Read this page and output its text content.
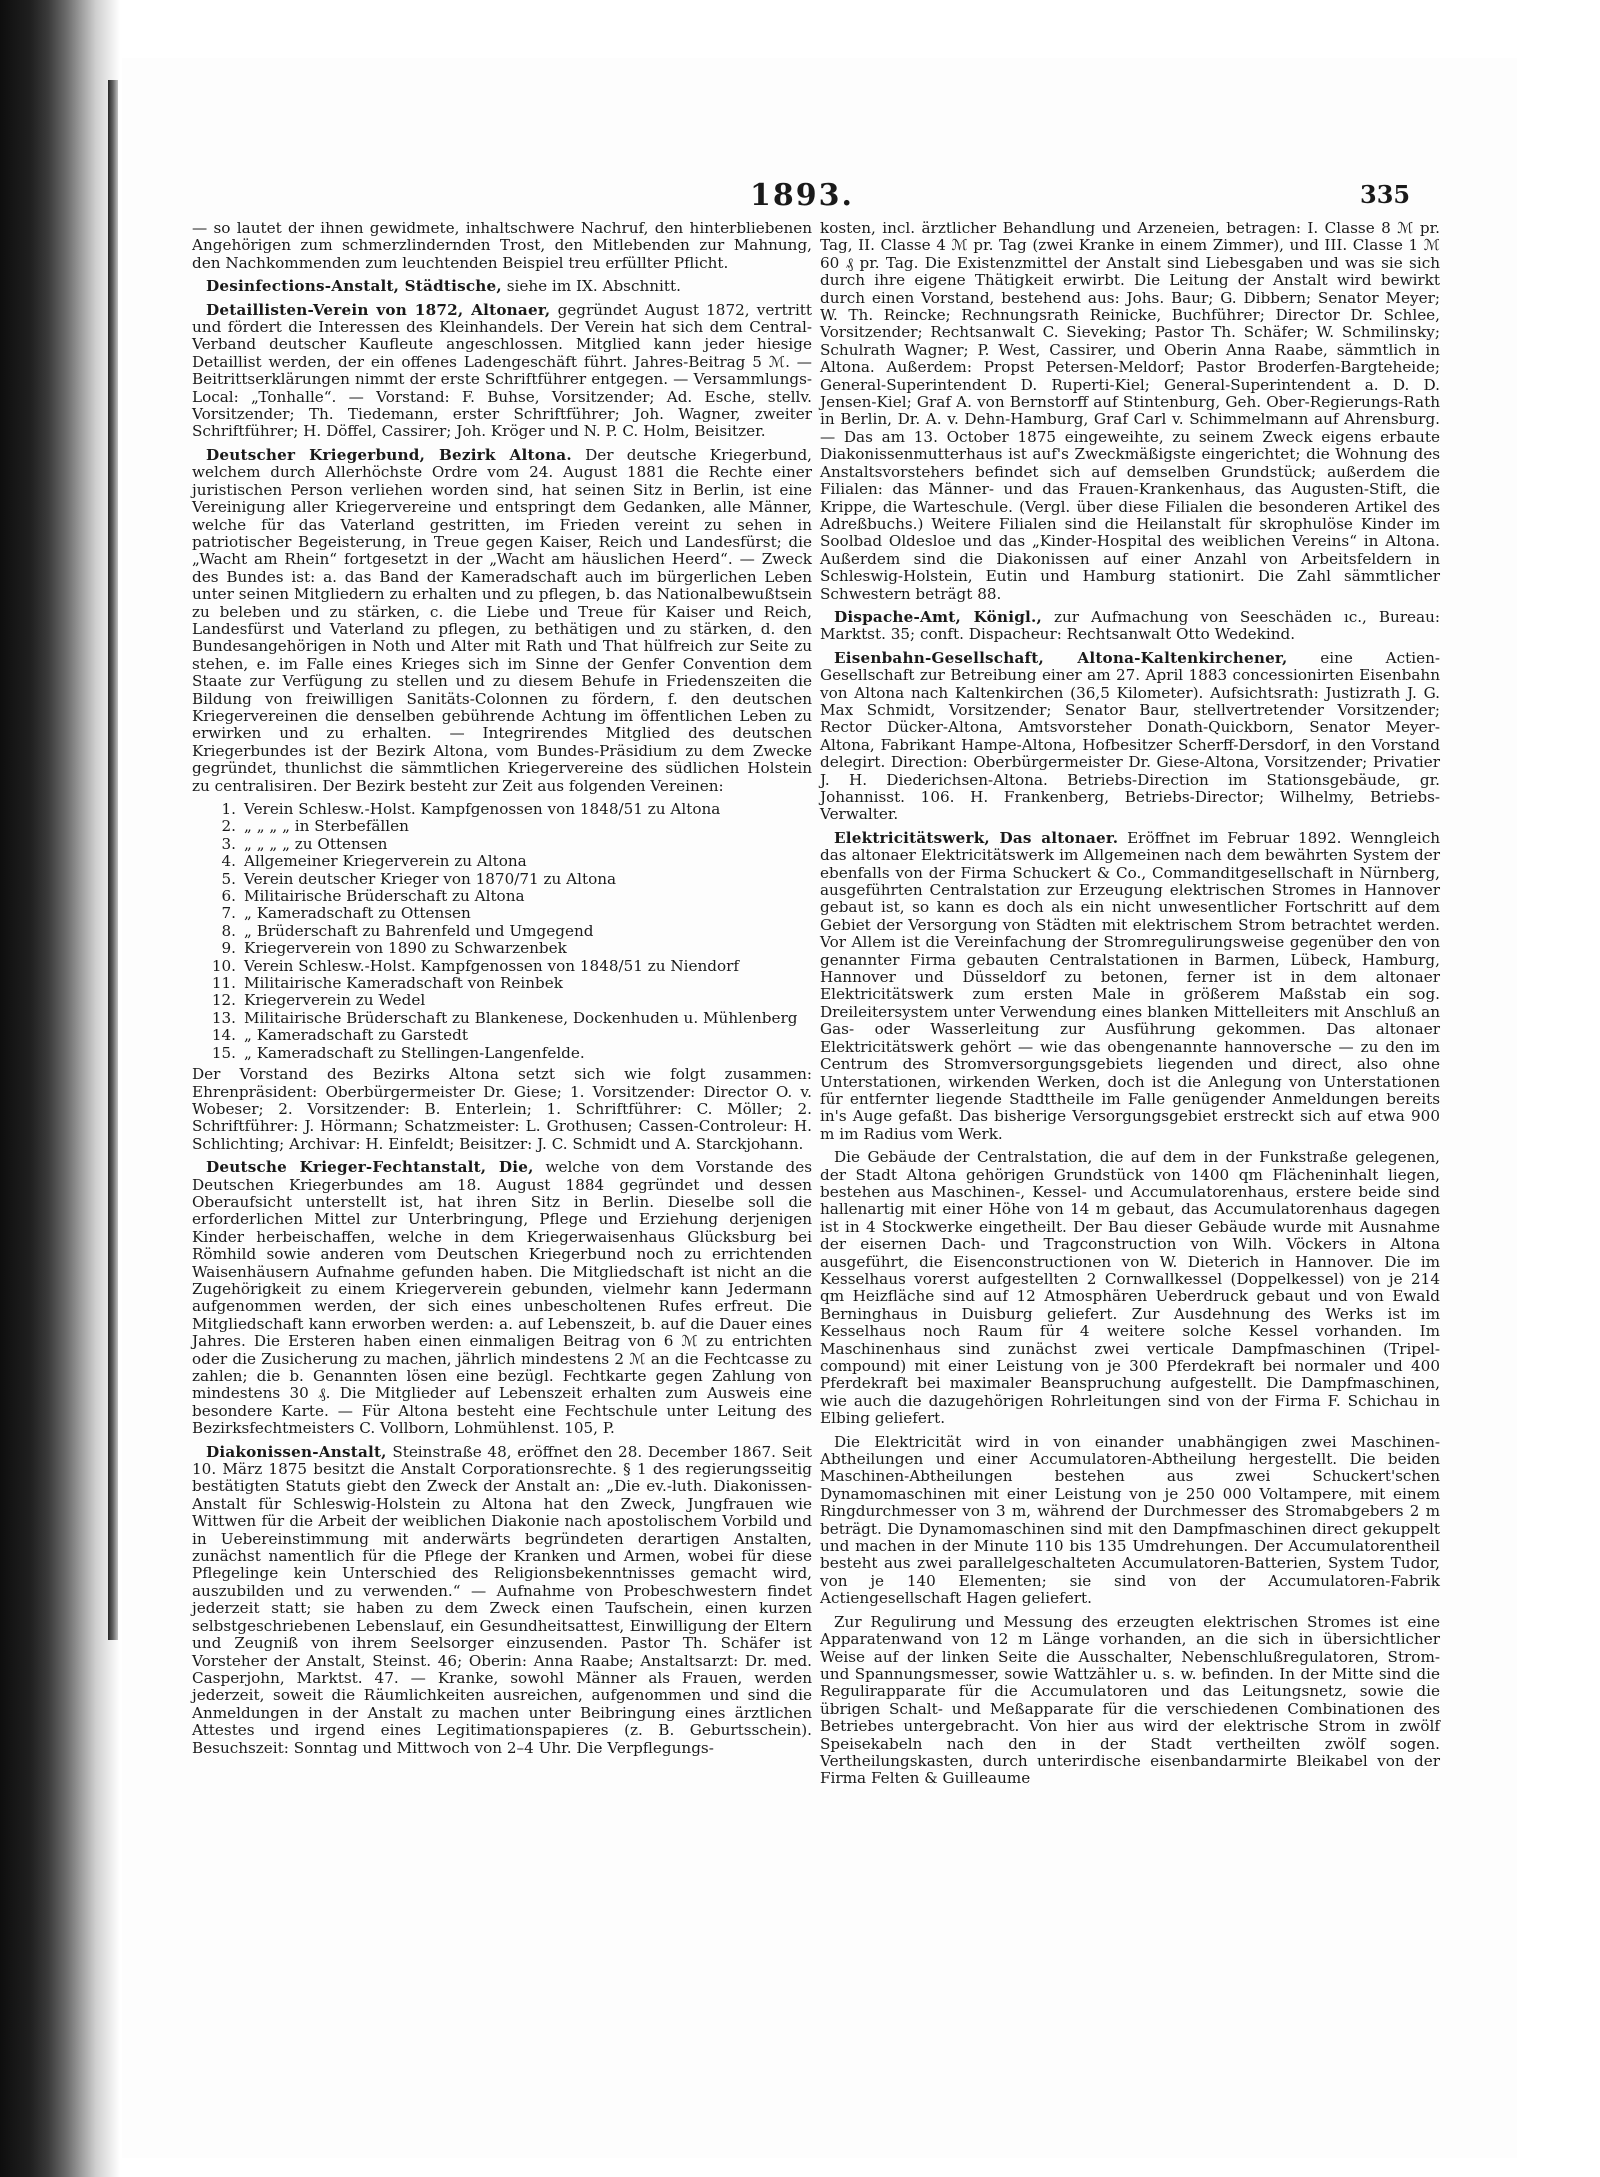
1893.	335

— so lautet der ihnen gewidmete, inhaltschwere Nachruf, den hinterbliebenen Angehörigen zum schmerzlindernden Trost, den Mitlebenden zur Mahnung, den Nachkommenden zum leuchtenden Beispiel treu erfüllter Pflicht.

Desinfections-Anstalt, Städtische, siehe im IX. Abschnitt.

Detaillisten-Verein von 1872, Altonaer, gegründet August 1872, vertritt und fördert die Interessen des Kleinhandels. Der Verein hat sich dem Central-Verband deutscher Kaufleute angeschlossen. Mitglied kann jeder hiesige Detaillist werden, der ein offenes Ladengeschäft führt. Jahres-Beitrag 5 ℳ. — Beitrittserklärungen nimmt der erste Schriftführer entgegen. — Versammlungs-Local: „Tonhalle“. — Vorstand: F. Buhse, Vorsitzender; Ad. Esche, stellv. Vorsitzender; Th. Tiedemann, erster Schriftführer; Joh. Wagner, zweiter Schriftführer; H. Döffel, Cassirer; Joh. Kröger und N. P. C. Holm, Beisitzer.

Deutscher Kriegerbund, Bezirk Altona. Der deutsche Kriegerbund, welchem durch Allerhöchste Ordre vom 24. August 1881 die Rechte einer juristischen Person verliehen worden sind, hat seinen Sitz in Berlin, ist eine Vereinigung aller Kriegervereine und entspringt dem Gedanken, alle Männer, welche für das Vaterland gestritten, im Frieden vereint zu sehen in patriotischer Begeisterung, in Treue gegen Kaiser, Reich und Landesfürst; die „Wacht am Rhein“ fortgesetzt in der „Wacht am häuslichen Heerd“. — Zweck des Bundes ist: a. das Band der Kameradschaft auch im bürgerlichen Leben unter seinen Mitgliedern zu erhalten und zu pflegen, b. das Nationalbewußtsein zu beleben und zu stärken, c. die Liebe und Treue für Kaiser und Reich, Landesfürst und Vaterland zu pflegen, zu bethätigen und zu stärken, d. den Bundesangehörigen in Noth und Alter mit Rath und That hülfreich zur Seite zu stehen, e. im Falle eines Krieges sich im Sinne der Genfer Convention dem Staate zur Verfügung zu stellen und zu diesem Behufe in Friedenszeiten die Bildung von freiwilligen Sanitäts-Colonnen zu fördern, f. den deutschen Kriegervereinen die denselben gebührende Achtung im öffentlichen Leben zu erwirken und zu erhalten. — Integrirendes Mitglied des deutschen Kriegerbundes ist der Bezirk Altona, vom Bundes-Präsidium zu dem Zwecke gegründet, thunlichst die sämmtlichen Kriegervereine des südlichen Holstein zu centralisiren. Der Bezirk besteht zur Zeit aus folgenden Vereinen:

1. Verein Schlesw.-Holst. Kampfgenossen von 1848/51 zu Altona
2. „ „ „ „ in Sterbefällen
3. „ „ „ „ zu Ottensen
4. Allgemeiner Kriegerverein zu Altona
5. Verein deutscher Krieger von 1870/71 zu Altona
6. Militairische Brüderschaft zu Altona
7. „ Kameradschaft zu Ottensen
8. „ Brüderschaft zu Bahrenfeld und Umgegend
9. Kriegerverein von 1890 zu Schwarzenbek
10. Verein Schlesw.-Holst. Kampfgenossen von 1848/51 zu Niendorf
11. Militairische Kameradschaft von Reinbek
12. Kriegerverein zu Wedel
13. Militairische Brüderschaft zu Blankenese, Dockenhuden u. Mühlenberg
14. „ Kameradschaft zu Garstedt
15. „ Kameradschaft zu Stellingen-Langenfelde.

Der Vorstand des Bezirks Altona setzt sich wie folgt zusammen: Ehrenpräsident: Oberbürgermeister Dr. Giese; 1. Vorsitzender: Director O. v. Wobeser; 2. Vorsitzender: B. Enterlein; 1. Schriftführer: C. Möller; 2. Schriftführer: J. Hörmann; Schatzmeister: L. Grothusen; Cassen-Controleur: H. Schlichting; Archivar: H. Einfeldt; Beisitzer: J. C. Schmidt und A. Starckjohann.

Deutsche Krieger-Fechtanstalt, Die, welche von dem Vorstande des Deutschen Kriegerbundes am 18. August 1884 gegründet und dessen Oberaufsicht unterstellt ist, hat ihren Sitz in Berlin. Dieselbe soll die erforderlichen Mittel zur Unterbringung, Pflege und Erziehung derjenigen Kinder herbeischaffen, welche in dem Kriegerwaisenhaus Glücksburg bei Römhild sowie anderen vom Deutschen Kriegerbund noch zu errichtenden Waisenhäusern Aufnahme gefunden haben. Die Mitgliedschaft ist nicht an die Zugehörigkeit zu einem Kriegerverein gebunden, vielmehr kann Jedermann aufgenommen werden, der sich eines unbescholtenen Rufes erfreut. Die Mitgliedschaft kann erworben werden: a. auf Lebenszeit, b. auf die Dauer eines Jahres. Die Ersteren haben einen einmaligen Beitrag von 6 ℳ zu entrichten oder die Zusicherung zu machen, jährlich mindestens 2 ℳ an die Fechtcasse zu zahlen; die b. Genannten lösen eine bezügl. Fechtkarte gegen Zahlung von mindestens 30 ₰. Die Mitglieder auf Lebenszeit erhalten zum Ausweis eine besondere Karte. — Für Altona besteht eine Fechtschule unter Leitung des Bezirksfechtmeisters C. Vollborn, Lohmühlenst. 105, P.

Diakonissen-Anstalt, Steinstraße 48, eröffnet den 28. December 1867. Seit 10. März 1875 besitzt die Anstalt Corporationsrechte. § 1 des regierungsseitig bestätigten Statuts giebt den Zweck der Anstalt an: „Die ev.-luth. Diakonissen-Anstalt für Schleswig-Holstein zu Altona hat den Zweck, Jungfrauen wie Wittwen für die Arbeit der weiblichen Diakonie nach apostolischem Vorbild und in Uebereinstimmung mit anderwärts begründeten derartigen Anstalten, zunächst namentlich für die Pflege der Kranken und Armen, wobei für diese Pflegelinge kein Unterschied des Religionsbekenntnisses gemacht wird, auszubilden und zu verwenden.“ — Aufnahme von Probeschwestern findet jederzeit statt; sie haben zu dem Zweck einen Taufschein, einen kurzen selbstgeschriebenen Lebenslauf, ein Gesundheitsattest, Einwilligung der Eltern und Zeugniß von ihrem Seelsorger einzusenden. Pastor Th. Schäfer ist Vorsteher der Anstalt, Steinst. 46; Oberin: Anna Raabe; Anstaltsarzt: Dr. med. Casperjohn, Marktst. 47. — Kranke, sowohl Männer als Frauen, werden jederzeit, soweit die Räumlichkeiten ausreichen, aufgenommen und sind die Anmeldungen in der Anstalt zu machen unter Beibringung eines ärztlichen Attestes und irgend eines Legitimationspapieres (z. B. Geburtsschein). Besuchszeit: Sonntag und Mittwoch von 2–4 Uhr. Die Verpflegungs-

kosten, incl. ärztlicher Behandlung und Arzeneien, betragen: I. Classe 8 ℳ pr. Tag, II. Classe 4 ℳ pr. Tag (zwei Kranke in einem Zimmer), und III. Classe 1 ℳ 60 ₰ pr. Tag. Die Existenzmittel der Anstalt sind Liebesgaben und was sie sich durch ihre eigene Thätigkeit erwirbt. Die Leitung der Anstalt wird bewirkt durch einen Vorstand, bestehend aus: Johs. Baur; G. Dibbern; Senator Meyer; W. Th. Reincke; Rechnungsrath Reinicke, Buchführer; Director Dr. Schlee, Vorsitzender; Rechtsanwalt C. Sieveking; Pastor Th. Schäfer; W. Schmilinsky; Schulrath Wagner; P. West, Cassirer, und Oberin Anna Raabe, sämmtlich in Altona. Außerdem: Propst Petersen-Meldorf; Pastor Broderfen-Bargteheide; General-Superintendent D. Ruperti-Kiel; General-Superintendent a. D. D. Jensen-Kiel; Graf A. von Bernstorff auf Stintenburg, Geh. Ober-Regierungs-Rath in Berlin, Dr. A. v. Dehn-Hamburg, Graf Carl v. Schimmelmann auf Ahrensburg. — Das am 13. October 1875 eingeweihte, zu seinem Zweck eigens erbaute Diakonissenmutterhaus ist auf's Zweckmäßigste eingerichtet; die Wohnung des Anstaltsvorstehers befindet sich auf demselben Grundstück; außerdem die Filialen: das Männer- und das Frauen-Krankenhaus, das Augusten-Stift, die Krippe, die Warteschule. (Vergl. über diese Filialen die besonderen Artikel des Adreßbuchs.) Weitere Filialen sind die Heilanstalt für skrophulöse Kinder im Soolbad Oldesloe und das „Kinder-Hospital des weiblichen Vereins“ in Altona. Außerdem sind die Diakonissen auf einer Anzahl von Arbeitsfeldern in Schleswig-Holstein, Eutin und Hamburg stationirt. Die Zahl sämmtlicher Schwestern beträgt 88.

Dispache-Amt, Königl., zur Aufmachung von Seeschäden ıc., Bureau: Marktst. 35; conft. Dispacheur: Rechtsanwalt Otto Wedekind.

Eisenbahn-Gesellschaft, Altona-Kaltenkirchener, eine Actien-Gesellschaft zur Betreibung einer am 27. April 1883 concessionirten Eisenbahn von Altona nach Kaltenkirchen (36,5 Kilometer). Aufsichtsrath: Justizrath J. G. Max Schmidt, Vorsitzender; Senator Baur, stellvertretender Vorsitzender; Rector Dücker-Altona, Amtsvorsteher Donath-Quickborn, Senator Meyer-Altona, Fabrikant Hampe-Altona, Hofbesitzer Scherff-Dersdorf, in den Vorstand delegirt. Direction: Oberbürgermeister Dr. Giese-Altona, Vorsitzender; Privatier J. H. Diederichsen-Altona. Betriebs-Direction im Stationsgebäude, gr. Johannisst. 106. H. Frankenberg, Betriebs-Director; Wilhelmy, Betriebs-Verwalter.

Elektricitätswerk, Das altonaer. Eröffnet im Februar 1892. Wenngleich das altonaer Elektricitätswerk im Allgemeinen nach dem bewährten System der ebenfalls von der Firma Schuckert & Co., Commanditgesellschaft in Nürnberg, ausgeführten Centralstation zur Erzeugung elektrischen Stromes in Hannover gebaut ist, so kann es doch als ein nicht unwesentlicher Fortschritt auf dem Gebiet der Versorgung von Städten mit elektrischem Strom betrachtet werden. Vor Allem ist die Vereinfachung der Stromregulirungsweise gegenüber den von genannter Firma gebauten Centralstationen in Barmen, Lübeck, Hamburg, Hannover und Düsseldorf zu betonen, ferner ist in dem altonaer Elektricitätswerk zum ersten Male in größerem Maßstab ein sog. Dreileitersystem unter Verwendung eines blanken Mittelleiters mit Anschluß an Gas- oder Wasserleitung zur Ausführung gekommen. Das altonaer Elektricitätswerk gehört — wie das obengenannte hannoversche — zu den im Centrum des Stromversorgungsgebiets liegenden und direct, also ohne Unterstationen, wirkenden Werken, doch ist die Anlegung von Unterstationen für entfernter liegende Stadttheile im Falle genügender Anmeldungen bereits in's Auge gefaßt. Das bisherige Versorgungsgebiet erstreckt sich auf etwa 900 m im Radius vom Werk.

Die Gebäude der Centralstation, die auf dem in der Funkstraße gelegenen, der Stadt Altona gehörigen Grundstück von 1400 qm Flächeninhalt liegen, bestehen aus Maschinen-, Kessel- und Accumulatorenhaus, erstere beide sind hallenartig mit einer Höhe von 14 m gebaut, das Accumulatorenhaus dagegen ist in 4 Stockwerke eingetheilt. Der Bau dieser Gebäude wurde mit Ausnahme der eisernen Dach- und Tragconstruction von Wilh. Vöckers in Altona ausgeführt, die Eisenconstructionen von W. Dieterich in Hannover. Die im Kesselhaus vorerst aufgestellten 2 Cornwallkessel (Doppelkessel) von je 214 qm Heizfläche sind auf 12 Atmosphären Ueberdruck gebaut und von Ewald Berninghaus in Duisburg geliefert. Zur Ausdehnung des Werks ist im Kesselhaus noch Raum für 4 weitere solche Kessel vorhanden. Im Maschinenhaus sind zunächst zwei verticale Dampfmaschinen (Tripel-compound) mit einer Leistung von je 300 Pferdekraft bei normaler und 400 Pferdekraft bei maximaler Beanspruchung aufgestellt. Die Dampfmaschinen, wie auch die dazugehörigen Rohrleitungen sind von der Firma F. Schichau in Elbing geliefert.

Die Elektricität wird in von einander unabhängigen zwei Maschinen-Abtheilungen und einer Accumulatoren-Abtheilung hergestellt. Die beiden Maschinen-Abtheilungen bestehen aus zwei Schuckert'schen Dynamomaschinen mit einer Leistung von je 250 000 Voltampere, mit einem Ringdurchmesser von 3 m, während der Durchmesser des Stromabgebers 2 m beträgt. Die Dynamomaschinen sind mit den Dampfmaschinen direct gekuppelt und machen in der Minute 110 bis 135 Umdrehungen. Der Accumulatorentheil besteht aus zwei parallelgeschalteten Accumulatoren-Batterien, System Tudor, von je 140 Elementen; sie sind von der Accumulatoren-Fabrik Actiengesellschaft Hagen geliefert.

Zur Regulirung und Messung des erzeugten elektrischen Stromes ist eine Apparatenwand von 12 m Länge vorhanden, an die sich in übersichtlicher Weise auf der linken Seite die Ausschalter, Nebenschlußregulatoren, Strom- und Spannungsmesser, sowie Wattzähler u. s. w. befinden. In der Mitte sind die Regulirapparate für die Accumulatoren und das Leitungsnetz, sowie die übrigen Schalt- und Meßapparate für die verschiedenen Combinationen des Betriebes untergebracht. Von hier aus wird der elektrische Strom in zwölf Speisekabeln nach den in der Stadt vertheilten zwölf sogen. Vertheilungskasten, durch unterirdische eisenbandarmirte Bleikabel von der Firma Felten & Guilleaume
